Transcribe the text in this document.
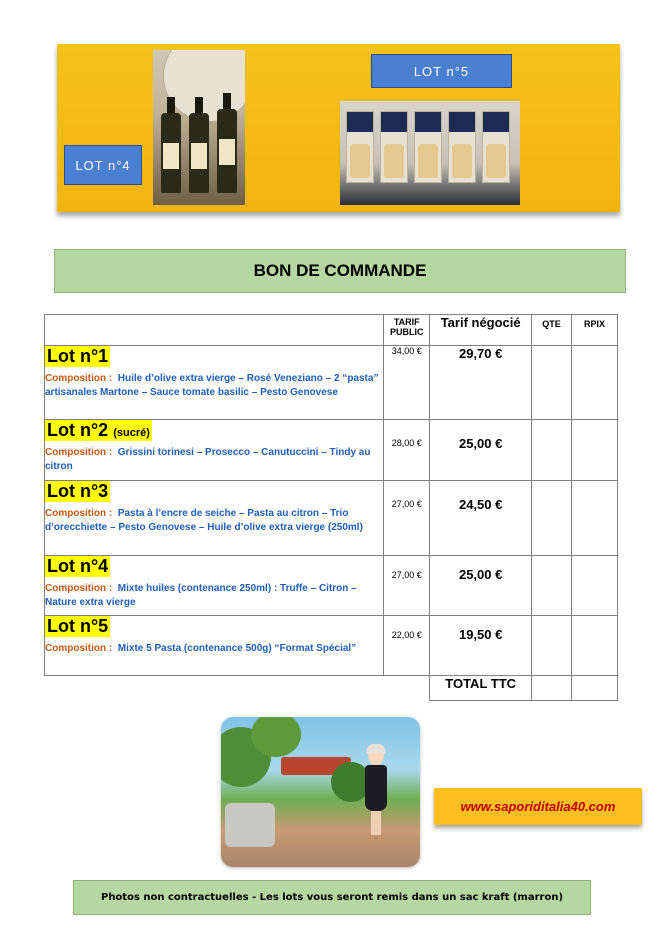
LOT n°4
LOT n°5
BON DE COMMANDE
	TARIF PUBLIC	Tarif négocié	QTE	RPIX
Lot n°1
Composition : Huile d’olive extra vierge – Rosé Veneziano – 2 “pasta” artisanales Martone – Sauce tomate basilic – Pesto Genovese	34,00 €	29,70 €		
Lot n°2 (sucré)
Composition : Grissini torinesi – Prosecco – Canutuccini – Tindy au citron	28,00 €	25,00 €		
Lot n°3
Composition : Pasta à l’encre de seiche – Pasta au citron – Trio d’orecchiette – Pesto Genovese – Huile d’olive extra vierge (250ml)	27,00 €	24,50 €		
Lot n°4
Composition : Mixte huiles (contenance 250ml) : Truffe – Citron – Nature extra vierge	27,00 €	25,00 €		
Lot n°5
Composition : Mixte 5 Pasta (contenance 500g) “Format Spécial”	22,00 €	19,50 €		
		TOTAL TTC		
www.saporiditalia40.com
Photos non contractuelles - Les lots vous seront remis dans un sac kraft (marron)
